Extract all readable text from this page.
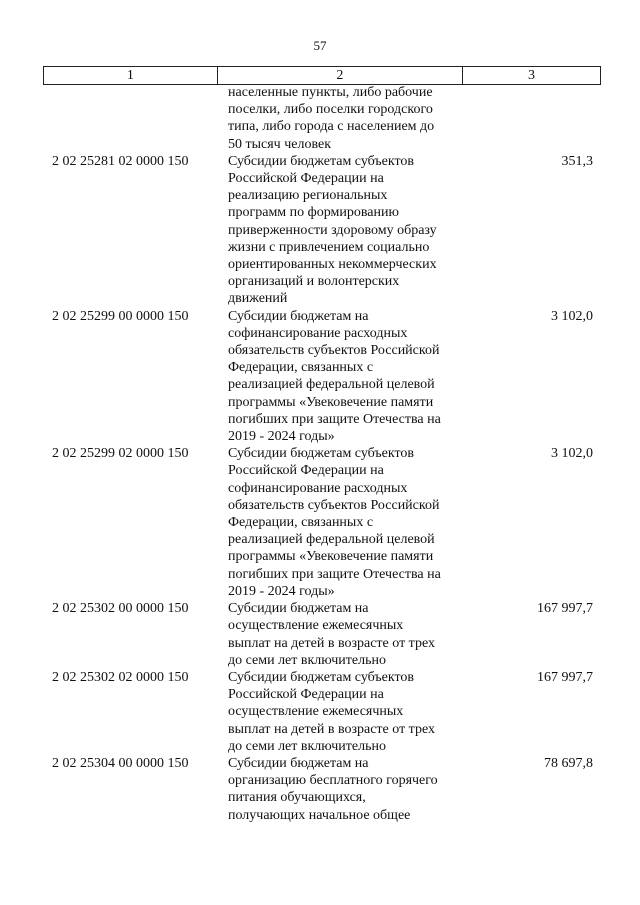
57
1	2	3
населенные пункты, либо рабочие
поселки, либо поселки городского
типа, либо города с населением до
50 тысяч человек
2 02 25281 02 0000 150	Субсидии бюджетам субъектов
Российской Федерации на
реализацию региональных
программ по формированию
приверженности здоровому образу
жизни с привлечением социально
ориентированных некоммерческих
организаций и волонтерских
движений
351,3
2 02 25299 00 0000 150	Субсидии бюджетам на
софинансирование расходных
обязательств субъектов Российской
Федерации, связанных с
реализацией федеральной целевой
программы «Увековечение памяти
погибших при защите Отечества на
2019 - 2024 годы»
3 102,0
2 02 25299 02 0000 150	Субсидии бюджетам субъектов
Российской Федерации на
софинансирование расходных
обязательств субъектов Российской
Федерации, связанных с
реализацией федеральной целевой
программы «Увековечение памяти
погибших при защите Отечества на
2019 - 2024 годы»
3 102,0
2 02 25302 00 0000 150	Субсидии бюджетам на
осуществление ежемесячных
выплат на детей в возрасте от трех
до семи лет включительно
167 997,7
2 02 25302 02 0000 150	Субсидии бюджетам субъектов
Российской Федерации на
осуществление ежемесячных
выплат на детей в возрасте от трех
до семи лет включительно
167 997,7
2 02 25304 00 0000 150	Субсидии бюджетам на
организацию бесплатного горячего
питания обучающихся,
получающих начальное общее
78 697,8
